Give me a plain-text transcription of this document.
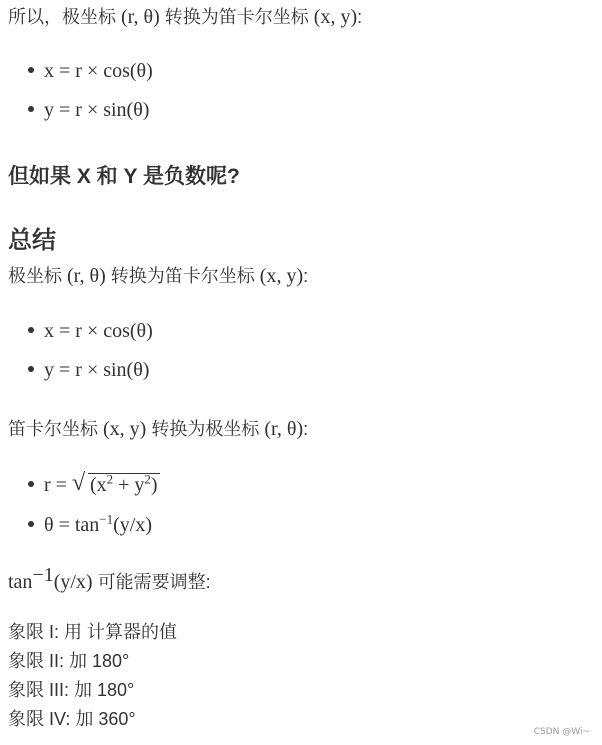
所以，极坐标 (r, θ) 转换为笛卡尔坐标 (x, y):
x = r × cos(θ)
y = r × sin(θ)
但如果 X 和 Y 是负数呢?
总结
极坐标 (r, θ) 转换为笛卡尔坐标 (x, y):
x = r × cos(θ)
y = r × sin(θ)
笛卡尔坐标 (x, y) 转换为极坐标 (r, θ):
r = √ $(x^2 + y^2)$
$\theta = \tan^{-1}(y/x)$
$\tan^{-1}(y/x)$ 可能需要调整:
象限 I: 用 计算器的值
象限 II: 加 180°
象限 III: 加 180°
象限 IV: 加 360°
CSDN @Wi~
